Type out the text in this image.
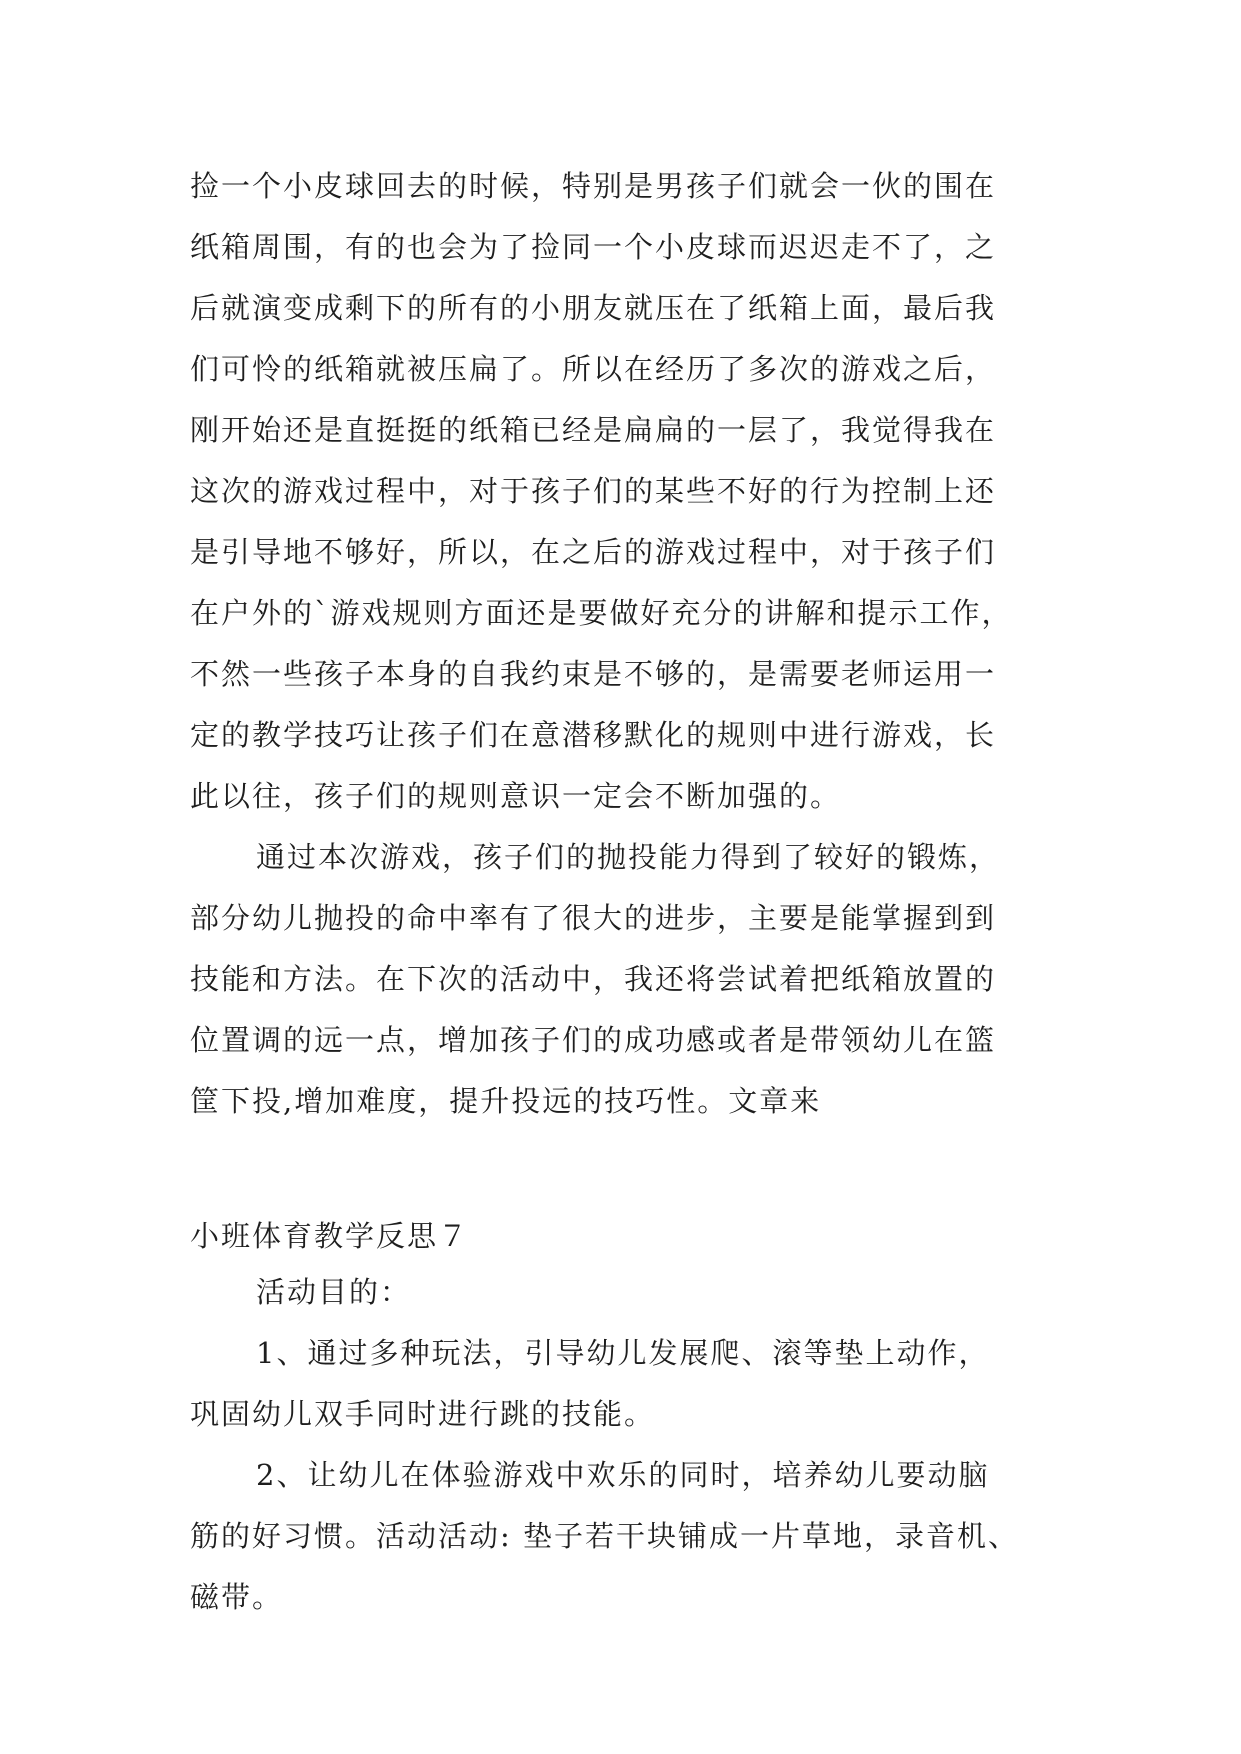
捡一个小皮球回去的时候，特别是男孩子们就会一伙的围在
纸箱周围，有的也会为了捡同一个小皮球而迟迟走不了，之
后就演变成剩下的所有的小朋友就压在了纸箱上面，最后我
们可怜的纸箱就被压扁了。所以在经历了多次的游戏之后，
刚开始还是直挺挺的纸箱已经是扁扁的一层了，我觉得我在
这次的游戏过程中，对于孩子们的某些不好的行为控制上还
是引导地不够好，所以，在之后的游戏过程中，对于孩子们
在户外的`游戏规则方面还是要做好充分的讲解和提示工作，
不然一些孩子本身的自我约束是不够的，是需要老师运用一
定的教学技巧让孩子们在意潜移默化的规则中进行游戏，长
此以往，孩子们的规则意识一定会不断加强的。
通过本次游戏，孩子们的抛投能力得到了较好的锻炼，
部分幼儿抛投的命中率有了很大的进步，主要是能掌握到到
技能和方法。在下次的活动中，我还将尝试着把纸箱放置的
位置调的远一点，增加孩子们的成功感或者是带领幼儿在篮
筐下投,增加难度，提升投远的技巧性。文章来
小班体育教学反思７
活动目的：
1、通过多种玩法，引导幼儿发展爬、滚等垫上动作，
巩固幼儿双手同时进行跳的技能。
2、让幼儿在体验游戏中欢乐的同时，培养幼儿要动脑
筋的好习惯。活动活动: 垫子若干块铺成一片草地，录音机、
磁带。
